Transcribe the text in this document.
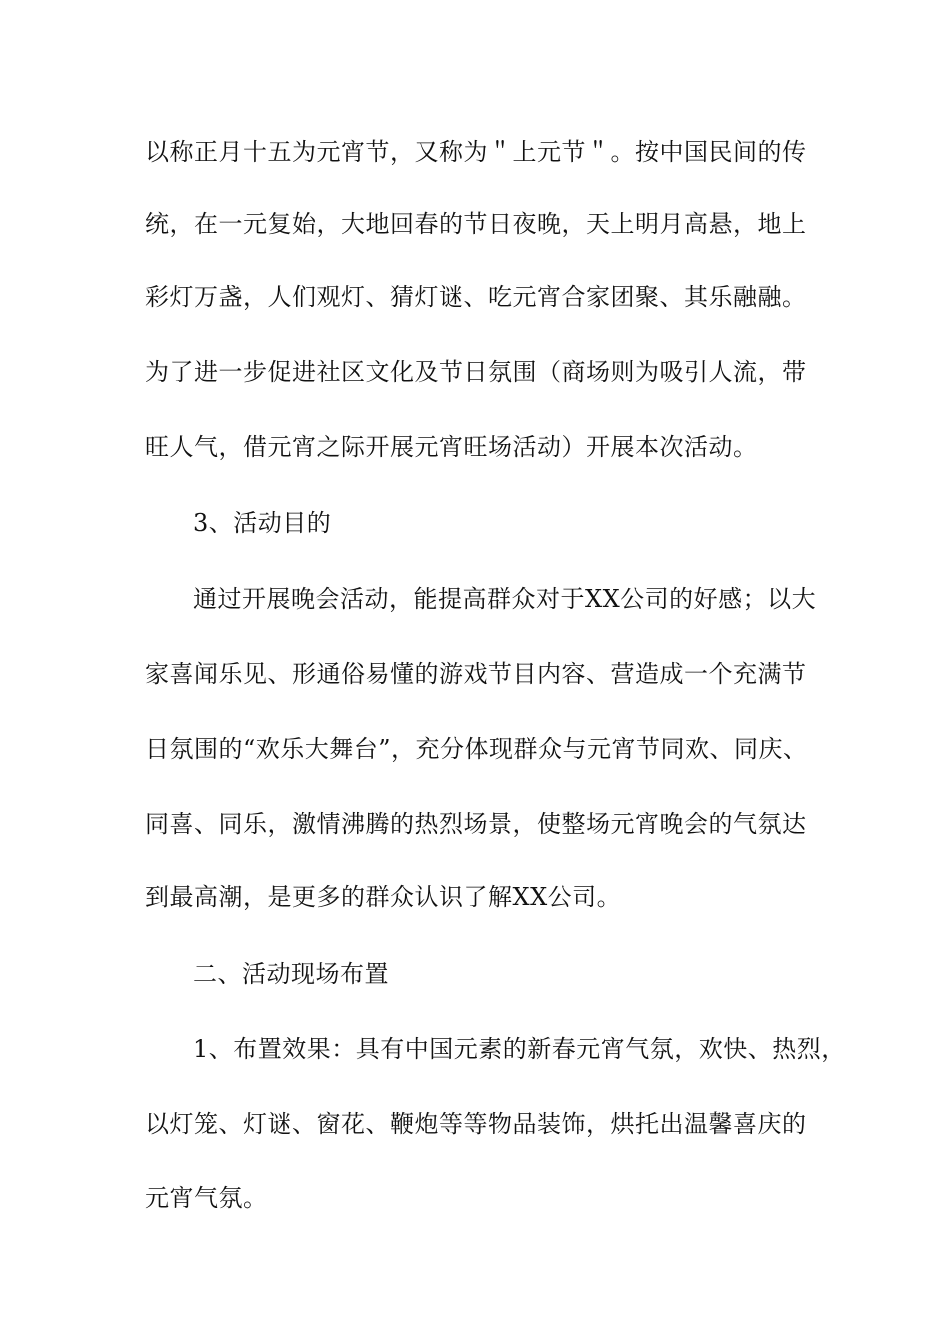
以称正月十五为元宵节，又称为＂上元节＂。按中国民间的传
统，在一元复始，大地回春的节日夜晚，天上明月高悬，地上
彩灯万盏，人们观灯、猜灯谜、吃元宵合家团聚、其乐融融。
为了进一步促进社区文化及节日氛围（商场则为吸引人流，带
旺人气，借元宵之际开展元宵旺场活动）开展本次活动。
3、活动目的
通过开展晚会活动，能提高群众对于XX公司的好感；以大
家喜闻乐见、形通俗易懂的游戏节目内容、营造成一个充满节
日氛围的“欢乐大舞台”，充分体现群众与元宵节同欢、同庆、
同喜、同乐，激情沸腾的热烈场景，使整场元宵晚会的气氛达
到最高潮，是更多的群众认识了解XX公司。
二、活动现场布置
1、布置效果：具有中国元素的新春元宵气氛，欢快、热烈，
以灯笼、灯谜、窗花、鞭炮等等物品装饰，烘托出温馨喜庆的
元宵气氛。
